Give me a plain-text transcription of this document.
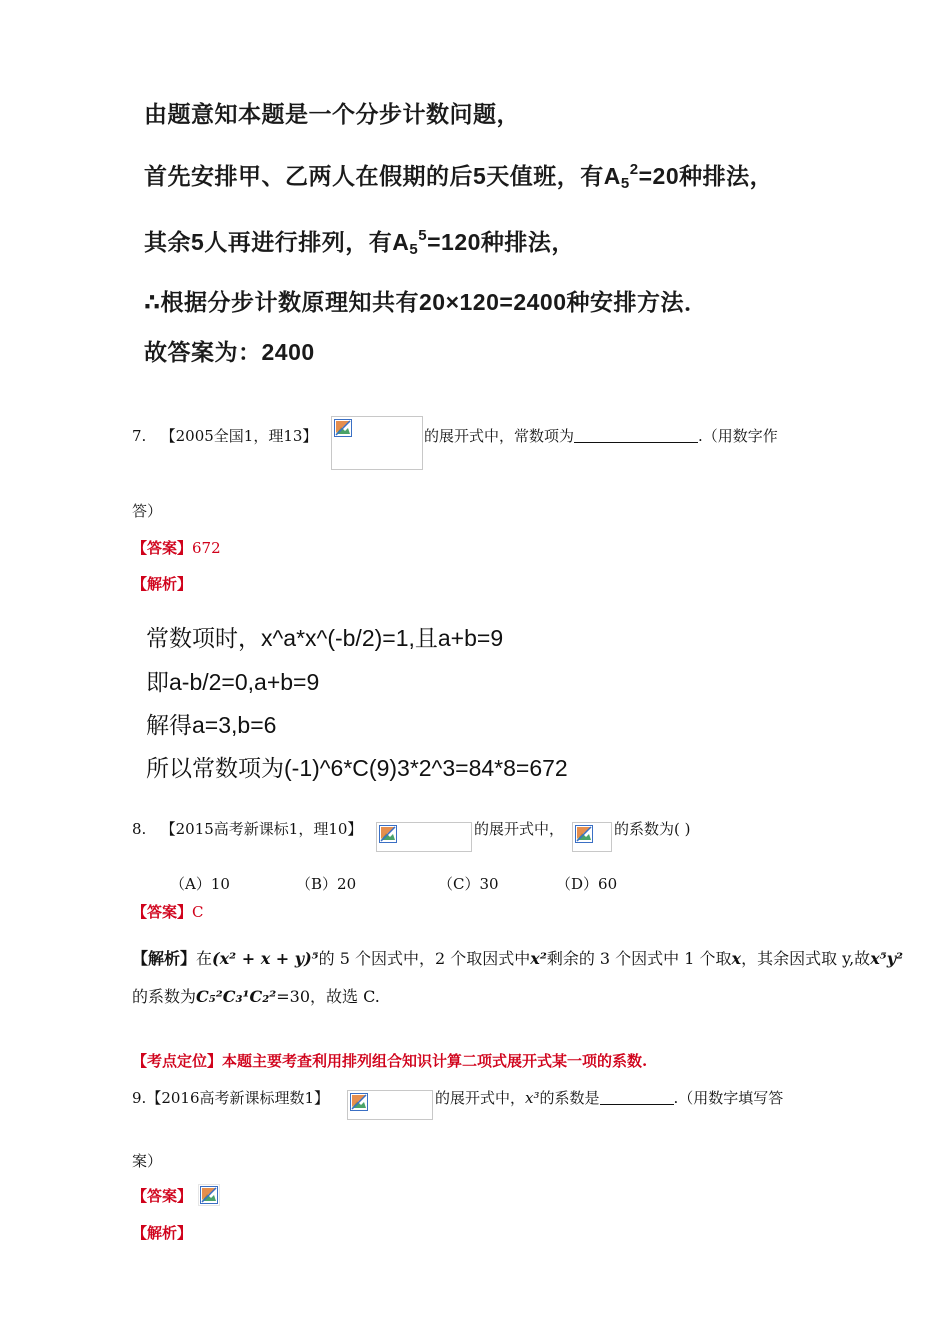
由题意知本题是一个分步计数问题，
首先安排甲、乙两人在假期的后5天值班，有$A_5^2=20$种排法，
其余5人再进行排列，有$A_5^5=120$种排法，
∴根据分步计数原理知共有20×120=2400种安排方法．
故答案为：2400
7. 【2005全国1，理13】	的展开式中，常数项为	.（用数字作
答）
【答案】672
【解析】
常数项时，x^a*x^(-b/2)=1,且a+b=9
即a-b/2=0,a+b=9
解得a=3,b=6
所以常数项为(-1)^6*C(9)3*2^3=84*8=672
8. 【2015高考新课标1，理10】	的展开式中，	的系数为( )
（A）10	（B）20	（C）30	（D）60
【答案】C
【解析】在(x² + x + y)⁵的 5 个因式中，2 个取因式中x²剩余的 3 个因式中 1 个取x，其余因式取 y,故x⁵y²
的系数为C₅²C₃¹C₂²=30，故选 C.
【考点定位】本题主要考查利用排列组合知识计算二项式展开式某一项的系数.
9.【2016高考新课标理数1】	的展开式中，x³的系数是	.（用数字填写答
案）
【答案】
【解析】
